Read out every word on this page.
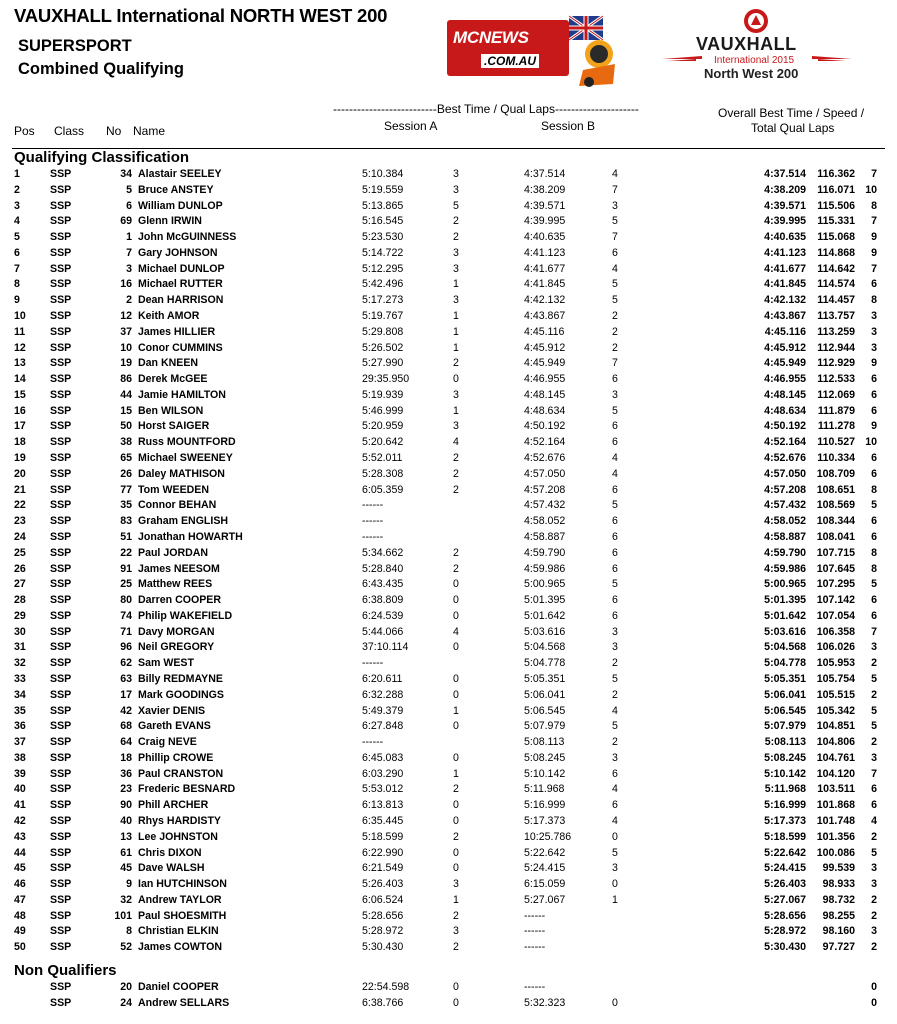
VAUXHALL International NORTH WEST 200
SUPERSPORT
Combined Qualifying
MCNEWS
.COM.AU
VAUXHALL
International 2015
North West 200
--------------------------Best Time / Qual Laps---------------------
Session A	Session B
Overall Best Time / Speed /
Total Qual Laps
Pos Class No Name
Qualifying Classification
1	SSP	34 Alastair SEELEY	5:10.384	3	4:37.514	4	4:37.514 116.362 7
2	SSP	5 Bruce ANSTEY	5:19.559	3	4:38.209	7	4:38.209 116.071 10
3	SSP	6 William DUNLOP	5:13.865	5	4:39.571	3	4:39.571 115.506 8
4	SSP	69 Glenn IRWIN	5:16.545	2	4:39.995	5	4:39.995 115.331 7
5	SSP	1 John McGUINNESS	5:23.530	2	4:40.635	7	4:40.635 115.068 9
6	SSP	7 Gary JOHNSON	5:14.722	3	4:41.123	6	4:41.123 114.868 9
7	SSP	3 Michael DUNLOP	5:12.295	3	4:41.677	4	4:41.677 114.642 7
8	SSP	16 Michael RUTTER	5:42.496	1	4:41.845	5	4:41.845 114.574 6
9	SSP	2 Dean HARRISON	5:17.273	3	4:42.132	5	4:42.132 114.457 8
10 SSP	12 Keith AMOR	5:19.767	1	4:43.867	2	4:43.867 113.757 3
11 SSP	37 James HILLIER	5:29.808	1	4:45.116	2	4:45.116 113.259 3
12 SSP	10 Conor CUMMINS	5:26.502	1	4:45.912	2	4:45.912 112.944 3
13 SSP	19 Dan KNEEN	5:27.990	2	4:45.949	7	4:45.949 112.929 9
14 SSP	86 Derek McGEE	29:35.950	0	4:46.955	6	4:46.955 112.533 6
15 SSP	44 Jamie HAMILTON	5:19.939	3	4:48.145	3	4:48.145 112.069 6
16 SSP	15 Ben WILSON	5:46.999	1	4:48.634	5	4:48.634 111.879 6
17 SSP	50 Horst SAIGER	5:20.959	3	4:50.192	6	4:50.192 111.278 9
18 SSP	38 Russ MOUNTFORD	5:20.642	4	4:52.164	6	4:52.164 110.527 10
19 SSP	65 Michael SWEENEY	5:52.011	2	4:52.676	4	4:52.676 110.334 6
20 SSP	26 Daley MATHISON	5:28.308	2	4:57.050	4	4:57.050 108.709 6
21 SSP	77 Tom WEEDEN	6:05.359	2	4:57.208	6	4:57.208 108.651 8
22 SSP	35 Connor BEHAN	------	4:57.432	5	4:57.432 108.569 5
23 SSP	83 Graham ENGLISH	------	4:58.052	6	4:58.052 108.344 6
24 SSP	51 Jonathan HOWARTH	------	4:58.887	6	4:58.887 108.041 6
25 SSP	22 Paul JORDAN	5:34.662	2	4:59.790	6	4:59.790 107.715 8
26 SSP	91 James NEESOM	5:28.840	2	4:59.986	6	4:59.986 107.645 8
27 SSP	25 Matthew REES	6:43.435	0	5:00.965	5	5:00.965 107.295 5
28 SSP	80 Darren COOPER	6:38.809	0	5:01.395	6	5:01.395 107.142 6
29 SSP	74 Philip WAKEFIELD	6:24.539	0	5:01.642	6	5:01.642 107.054 6
30 SSP	71 Davy MORGAN	5:44.066	4	5:03.616	3	5:03.616 106.358 7
31 SSP	96 Neil GREGORY	37:10.114	0	5:04.568	3	5:04.568 106.026 3
32 SSP	62 Sam WEST	------	5:04.778	2	5:04.778 105.953 2
33 SSP	63 Billy REDMAYNE	6:20.611	0	5:05.351	5	5:05.351 105.754 5
34 SSP	17 Mark GOODINGS	6:32.288	0	5:06.041	2	5:06.041 105.515 2
35 SSP	42 Xavier DENIS	5:49.379	1	5:06.545	4	5:06.545 105.342 5
36 SSP	68 Gareth EVANS	6:27.848	0	5:07.979	5	5:07.979 104.851 5
37 SSP	64 Craig NEVE	------	5:08.113	2	5:08.113 104.806 2
38 SSP	18 Phillip CROWE	6:45.083	0	5:08.245	3	5:08.245 104.761 3
39 SSP	36 Paul CRANSTON	6:03.290	1	5:10.142	6	5:10.142 104.120 7
40 SSP	23 Frederic BESNARD	5:53.012	2	5:11.968	4	5:11.968 103.511 6
41 SSP	90 Phill ARCHER	6:13.813	0	5:16.999	6	5:16.999 101.868 6
42 SSP	40 Rhys HARDISTY	6:35.445	0	5:17.373	4	5:17.373 101.748 4
43 SSP	13 Lee JOHNSTON	5:18.599	2	10:25.786	0	5:18.599 101.356 2
44 SSP	61 Chris DIXON	6:22.990	0	5:22.642	5	5:22.642 100.086 5
45 SSP	45 Dave WALSH	6:21.549	0	5:24.415	3	5:24.415 99.539 3
46 SSP	9 Ian HUTCHINSON	5:26.403	3	6:15.059	0	5:26.403 98.933 3
47 SSP	32 Andrew TAYLOR	6:06.524	1	5:27.067	1	5:27.067 98.732 2
48 SSP	101 Paul SHOESMITH	5:28.656	2	------	5:28.656 98.255 2
49 SSP	8 Christian ELKIN	5:28.972	3	------	5:28.972 98.160 3
50 SSP	52 James COWTON	5:30.430	2	------	5:30.430 97.727 2
Non Qualifiers
SSP	20 Daniel COOPER	22:54.598	0	------	0
SSP	24 Andrew SELLARS	6:38.766	0	5:32.323	0	0
